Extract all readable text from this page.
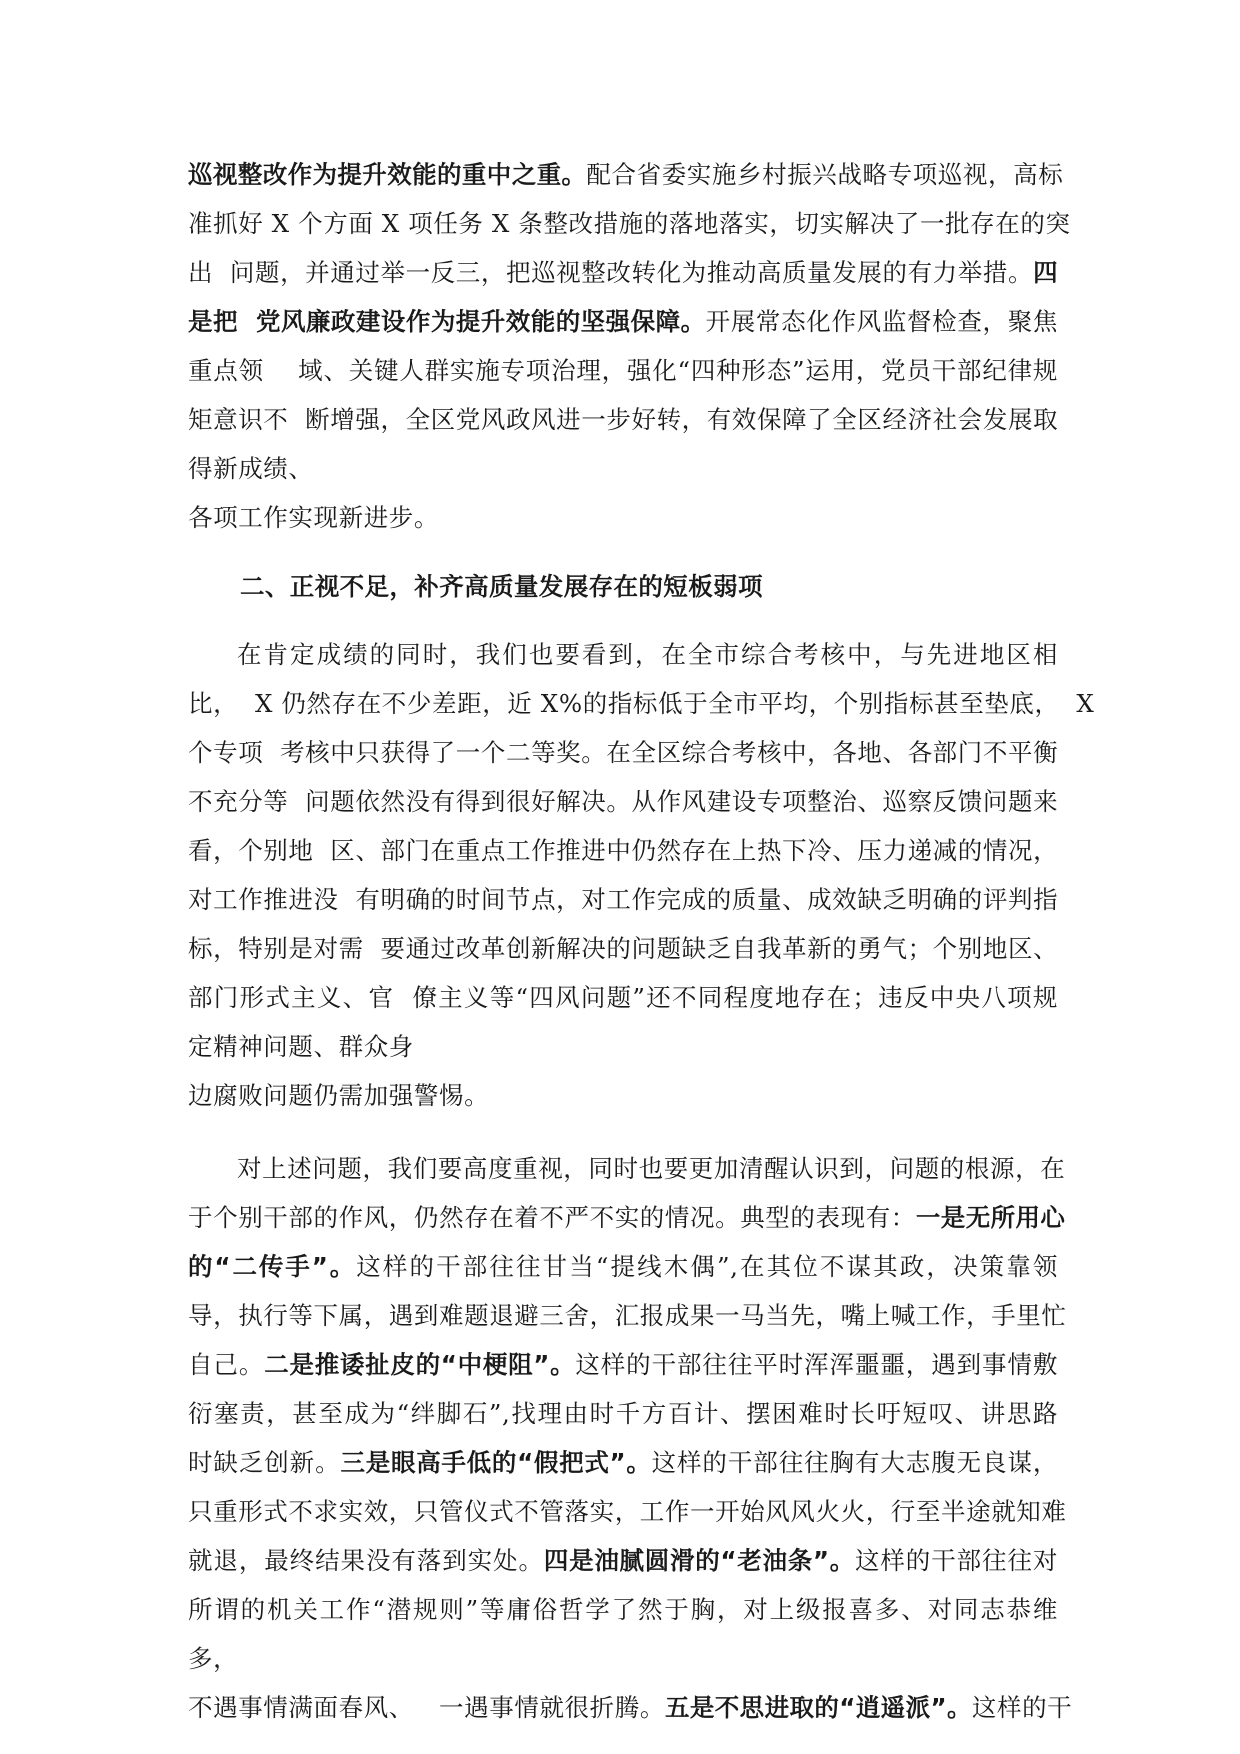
巡视整改作为提升效能的重中之重。配合省委实施乡村振兴战略专项巡视，高标
准抓好 X 个方面 X 项任务 X 条整改措施的落地落实，切实解决了一批存在的突
出  问题，并通过举一反三，把巡视整改转化为推动高质量发展的有力举措。四
是把  党风廉政建设作为提升效能的坚强保障。开展常态化作风监督检查，聚焦
重点领    域、关键人群实施专项治理，强化“四种形态”运用，党员干部纪律规
矩意识不  断增强，全区党风政风进一步好转，有效保障了全区经济社会发展取
得新成绩、
各项工作实现新进步。
二、正视不足，补齐高质量发展存在的短板弱项
在肯定成绩的同时，我们也要看到，在全市综合考核中，与先进地区相
比，  X 仍然存在不少差距，近 X%的指标低于全市平均，个别指标甚至垫底，  X
个专项  考核中只获得了一个二等奖。在全区综合考核中，各地、各部门不平衡
不充分等  问题依然没有得到很好解决。从作风建设专项整治、巡察反馈问题来
看，个别地  区、部门在重点工作推进中仍然存在上热下冷、压力递减的情况，
对工作推进没  有明确的时间节点，对工作完成的质量、成效缺乏明确的评判指
标，特别是对需  要通过改革创新解决的问题缺乏自我革新的勇气；个别地区、
部门形式主义、官  僚主义等“四风问题”还不同程度地存在；违反中央八项规
定精神问题、群众身
边腐败问题仍需加强警惕。
对上述问题，我们要高度重视，同时也要更加清醒认识到，问题的根源，在
于个别干部的作风，仍然存在着不严不实的情况。典型的表现有：一是无所用心
的“二传手”。这样的干部往往甘当“提线木偶”,在其位不谋其政，决策靠领
导，执行等下属，遇到难题退避三舍，汇报成果一马当先，嘴上喊工作，手里忙
自己。二是推诿扯皮的“中梗阻”。这样的干部往往平时浑浑噩噩，遇到事情敷
衍塞责，甚至成为“绊脚石”,找理由时千方百计、摆困难时长吁短叹、讲思路
时缺乏创新。三是眼高手低的“假把式”。这样的干部往往胸有大志腹无良谋，
只重形式不求实效，只管仪式不管落实，工作一开始风风火火，行至半途就知难
就退，最终结果没有落到实处。四是油腻圆滑的“老油条”。这样的干部往往对
所谓的机关工作“潜规则”等庸俗哲学了然于胸，对上级报喜多、对同志恭维
多，
不遇事情满面春风、   一遇事情就很折腾。五是不思进取的“逍遥派”。这样的干
